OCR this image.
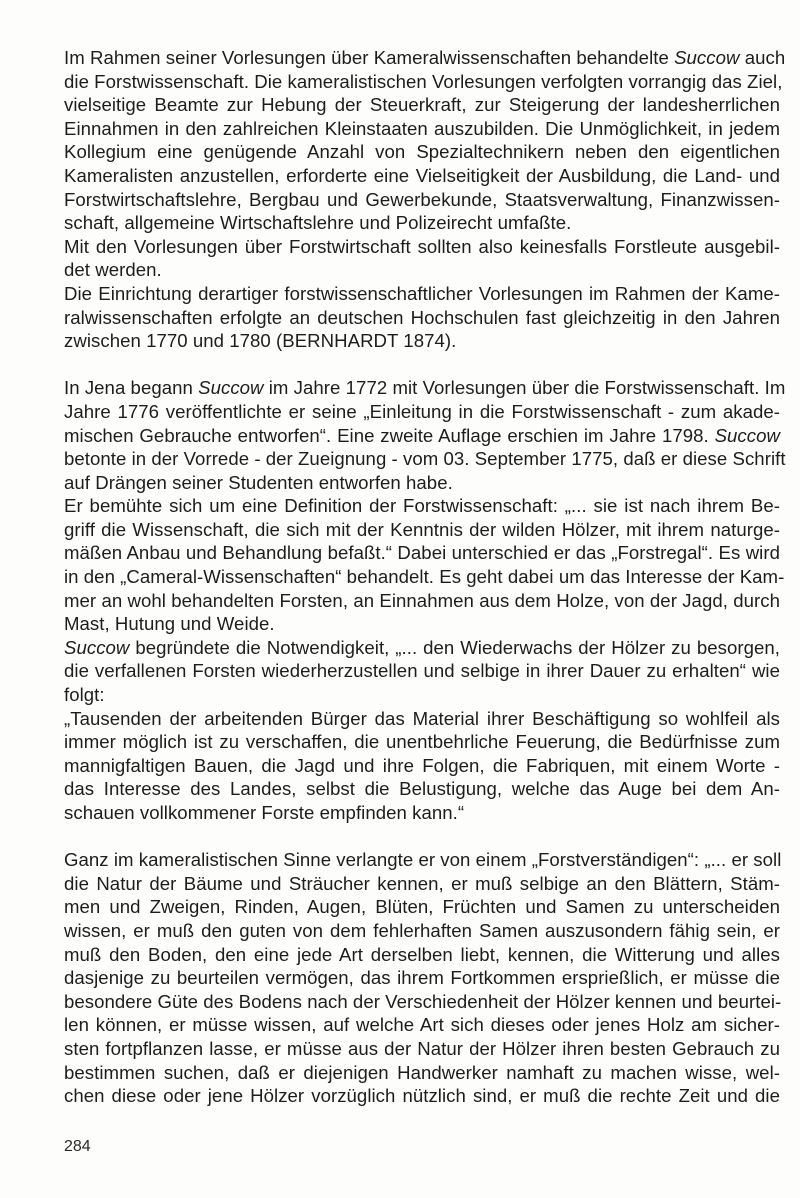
Im Rahmen seiner Vorlesungen über Kameralwissenschaften behandelte Succow auch
die Forstwissenschaft. Die kameralistischen Vorlesungen verfolgten vorrangig das Ziel,
vielseitige Beamte zur Hebung der Steuerkraft, zur Steigerung der landesherrlichen
Einnahmen in den zahlreichen Kleinstaaten auszubilden. Die Unmöglichkeit, in jedem
Kollegium eine genügende Anzahl von Spezialtechnikern neben den eigentlichen
Kameralisten anzustellen, erforderte eine Vielseitigkeit der Ausbildung, die Land- und
Forstwirtschaftslehre, Bergbau und Gewerbekunde, Staatsverwaltung, Finanzwissen-
schaft, allgemeine Wirtschaftslehre und Polizeirecht umfaßte.
Mit den Vorlesungen über Forstwirtschaft sollten also keinesfalls Forstleute ausgebil-
det werden.
Die Einrichtung derartiger forstwissenschaftlicher Vorlesungen im Rahmen der Kame-
ralwissenschaften erfolgte an deutschen Hochschulen fast gleichzeitig in den Jahren
zwischen 1770 und 1780 (BERNHARDT 1874).
In Jena begann Succow im Jahre 1772 mit Vorlesungen über die Forstwissenschaft. Im
Jahre 1776 veröffentlichte er seine „Einleitung in die Forstwissenschaft - zum akade-
mischen Gebrauche entworfen“. Eine zweite Auflage erschien im Jahre 1798. Succow
betonte in der Vorrede - der Zueignung - vom 03. September 1775, daß er diese Schrift
auf Drängen seiner Studenten entworfen habe.
Er bemühte sich um eine Definition der Forstwissenschaft: „... sie ist nach ihrem Be-
griff die Wissenschaft, die sich mit der Kenntnis der wilden Hölzer, mit ihrem naturge-
mäßen Anbau und Behandlung befaßt.“ Dabei unterschied er das „Forstregal“. Es wird
in den „Cameral-Wissenschaften“ behandelt. Es geht dabei um das Interesse der Kam-
mer an wohl behandelten Forsten, an Einnahmen aus dem Holze, von der Jagd, durch
Mast, Hutung und Weide.
Succow begründete die Notwendigkeit, „... den Wiederwachs der Hölzer zu besorgen,
die verfallenen Forsten wiederherzustellen und selbige in ihrer Dauer zu erhalten“ wie
folgt:
„Tausenden der arbeitenden Bürger das Material ihrer Beschäftigung so wohlfeil als
immer möglich ist zu verschaffen, die unentbehrliche Feuerung, die Bedürfnisse zum
mannigfaltigen Bauen, die Jagd und ihre Folgen, die Fabriquen, mit einem Worte -
das Interesse des Landes, selbst die Belustigung, welche das Auge bei dem An-
schauen vollkommener Forste empfinden kann.“
Ganz im kameralistischen Sinne verlangte er von einem „Forstverständigen“: „... er soll
die Natur der Bäume und Sträucher kennen, er muß selbige an den Blättern, Stäm-
men und Zweigen, Rinden, Augen, Blüten, Früchten und Samen zu unterscheiden
wissen, er muß den guten von dem fehlerhaften Samen auszusondern fähig sein, er
muß den Boden, den eine jede Art derselben liebt, kennen, die Witterung und alles
dasjenige zu beurteilen vermögen, das ihrem Fortkommen ersprießlich, er müsse die
besondere Güte des Bodens nach der Verschiedenheit der Hölzer kennen und beurtei-
len können, er müsse wissen, auf welche Art sich dieses oder jenes Holz am sicher-
sten fortpflanzen lasse, er müsse aus der Natur der Hölzer ihren besten Gebrauch zu
bestimmen suchen, daß er diejenigen Handwerker namhaft zu machen wisse, wel-
chen diese oder jene Hölzer vorzüglich nützlich sind, er muß die rechte Zeit und die
284
